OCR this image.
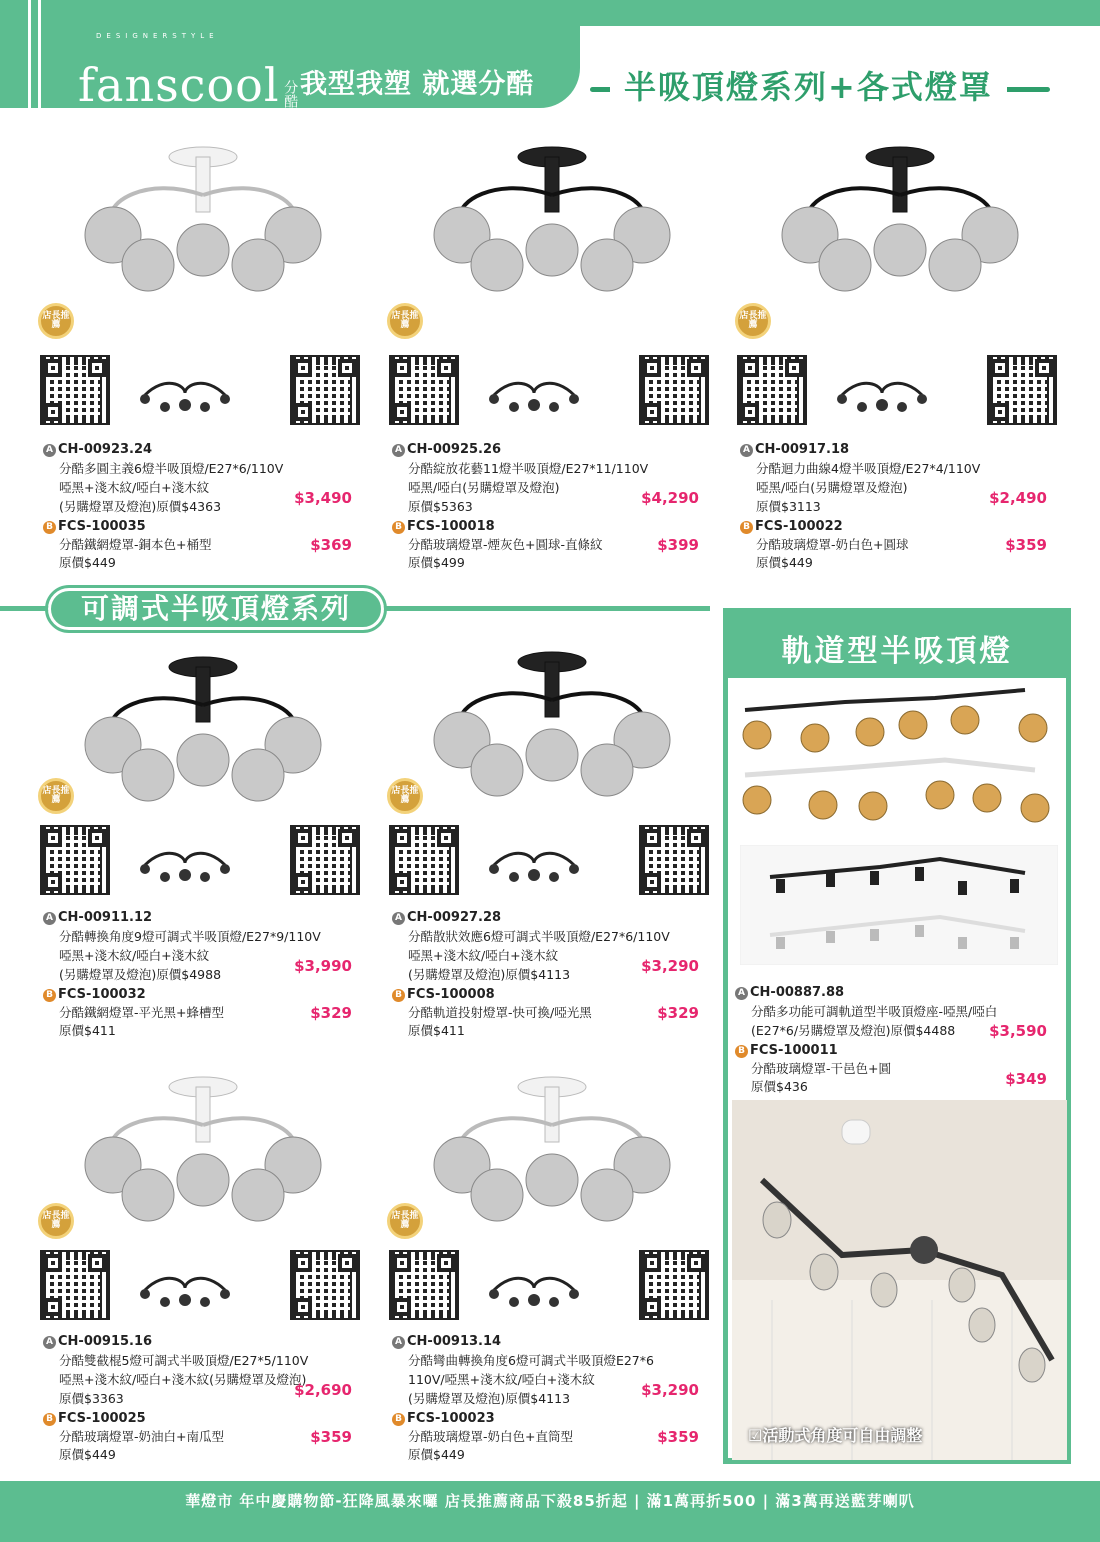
DESIGNERSTYLE
fanscool 分酷 我型我塑 就選分酷	半吸頂燈系列+各式燈罩
可調式半吸頂燈系列
軌道型半吸頂燈
店長推薦
A CH-00923.24
分酷多圓主義6燈半吸頂燈/E27*6/110V
啞黑+淺木紋/啞白+淺木紋
(另購燈罩及燈泡)原價$4363	$3,490
B FCS-100035
分酷鐵網燈罩-銅本色+桶型
原價$449
$369
店長推薦
A CH-00925.26
分酷綻放花藝11燈半吸頂燈/E27*11/110V
啞黑/啞白(另購燈罩及燈泡)
原價$5363	$4,290
B FCS-100018
分酷玻璃燈罩-煙灰色+圓球-直條紋
原價$499
$399
店長推薦
A CH-00917.18
分酷迴力曲線4燈半吸頂燈/E27*4/110V
啞黑/啞白(另購燈罩及燈泡)
原價$3113	$2,490
B FCS-100022
分酷玻璃燈罩-奶白色+圓球
原價$449
$359
店長推薦
A CH-00911.12
分酷轉換角度9燈可調式半吸頂燈/E27*9/110V
啞黑+淺木紋/啞白+淺木紋
(另購燈罩及燈泡)原價$4988	$3,990
B FCS-100032
分酷鐵網燈罩-平光黑+蜂槽型
原價$411
$329
店長推薦
A CH-00927.28
分酷散狀效應6燈可調式半吸頂燈/E27*6/110V
啞黑+淺木紋/啞白+淺木紋
(另購燈罩及燈泡)原價$4113	$3,290
B FCS-100008
分酷軌道投射燈罩-快可換/啞光黑
原價$411
$329
店長推薦
A CH-00915.16
分酷雙截棍5燈可調式半吸頂燈/E27*5/110V
啞黑+淺木紋/啞白+淺木紋(另購燈罩及燈泡)
原價$3363	$2,690
B FCS-100025
分酷玻璃燈罩-奶油白+南瓜型
原價$449
$359
店長推薦
A CH-00913.14
分酷彎曲轉換角度6燈可調式半吸頂燈E27*6
110V/啞黑+淺木紋/啞白+淺木紋
(另購燈罩及燈泡)原價$4113	$3,290
B FCS-100023
分酷玻璃燈罩-奶白色+直筒型
原價$449
$359
A CH-00887.88
分酷多功能可調軌道型半吸頂燈座-啞黑/啞白
(E27*6/另購燈罩及燈泡)原價$4488	$3,590
B FCS-100011
分酷玻璃燈罩-干邑色+圓
原價$436	$349
☑活動式角度可自由調整
華燈市 年中慶購物節-狂降風暴來囉 店長推薦商品下殺85折起 | 滿1萬再折500 | 滿3萬再送藍芽喇叭
